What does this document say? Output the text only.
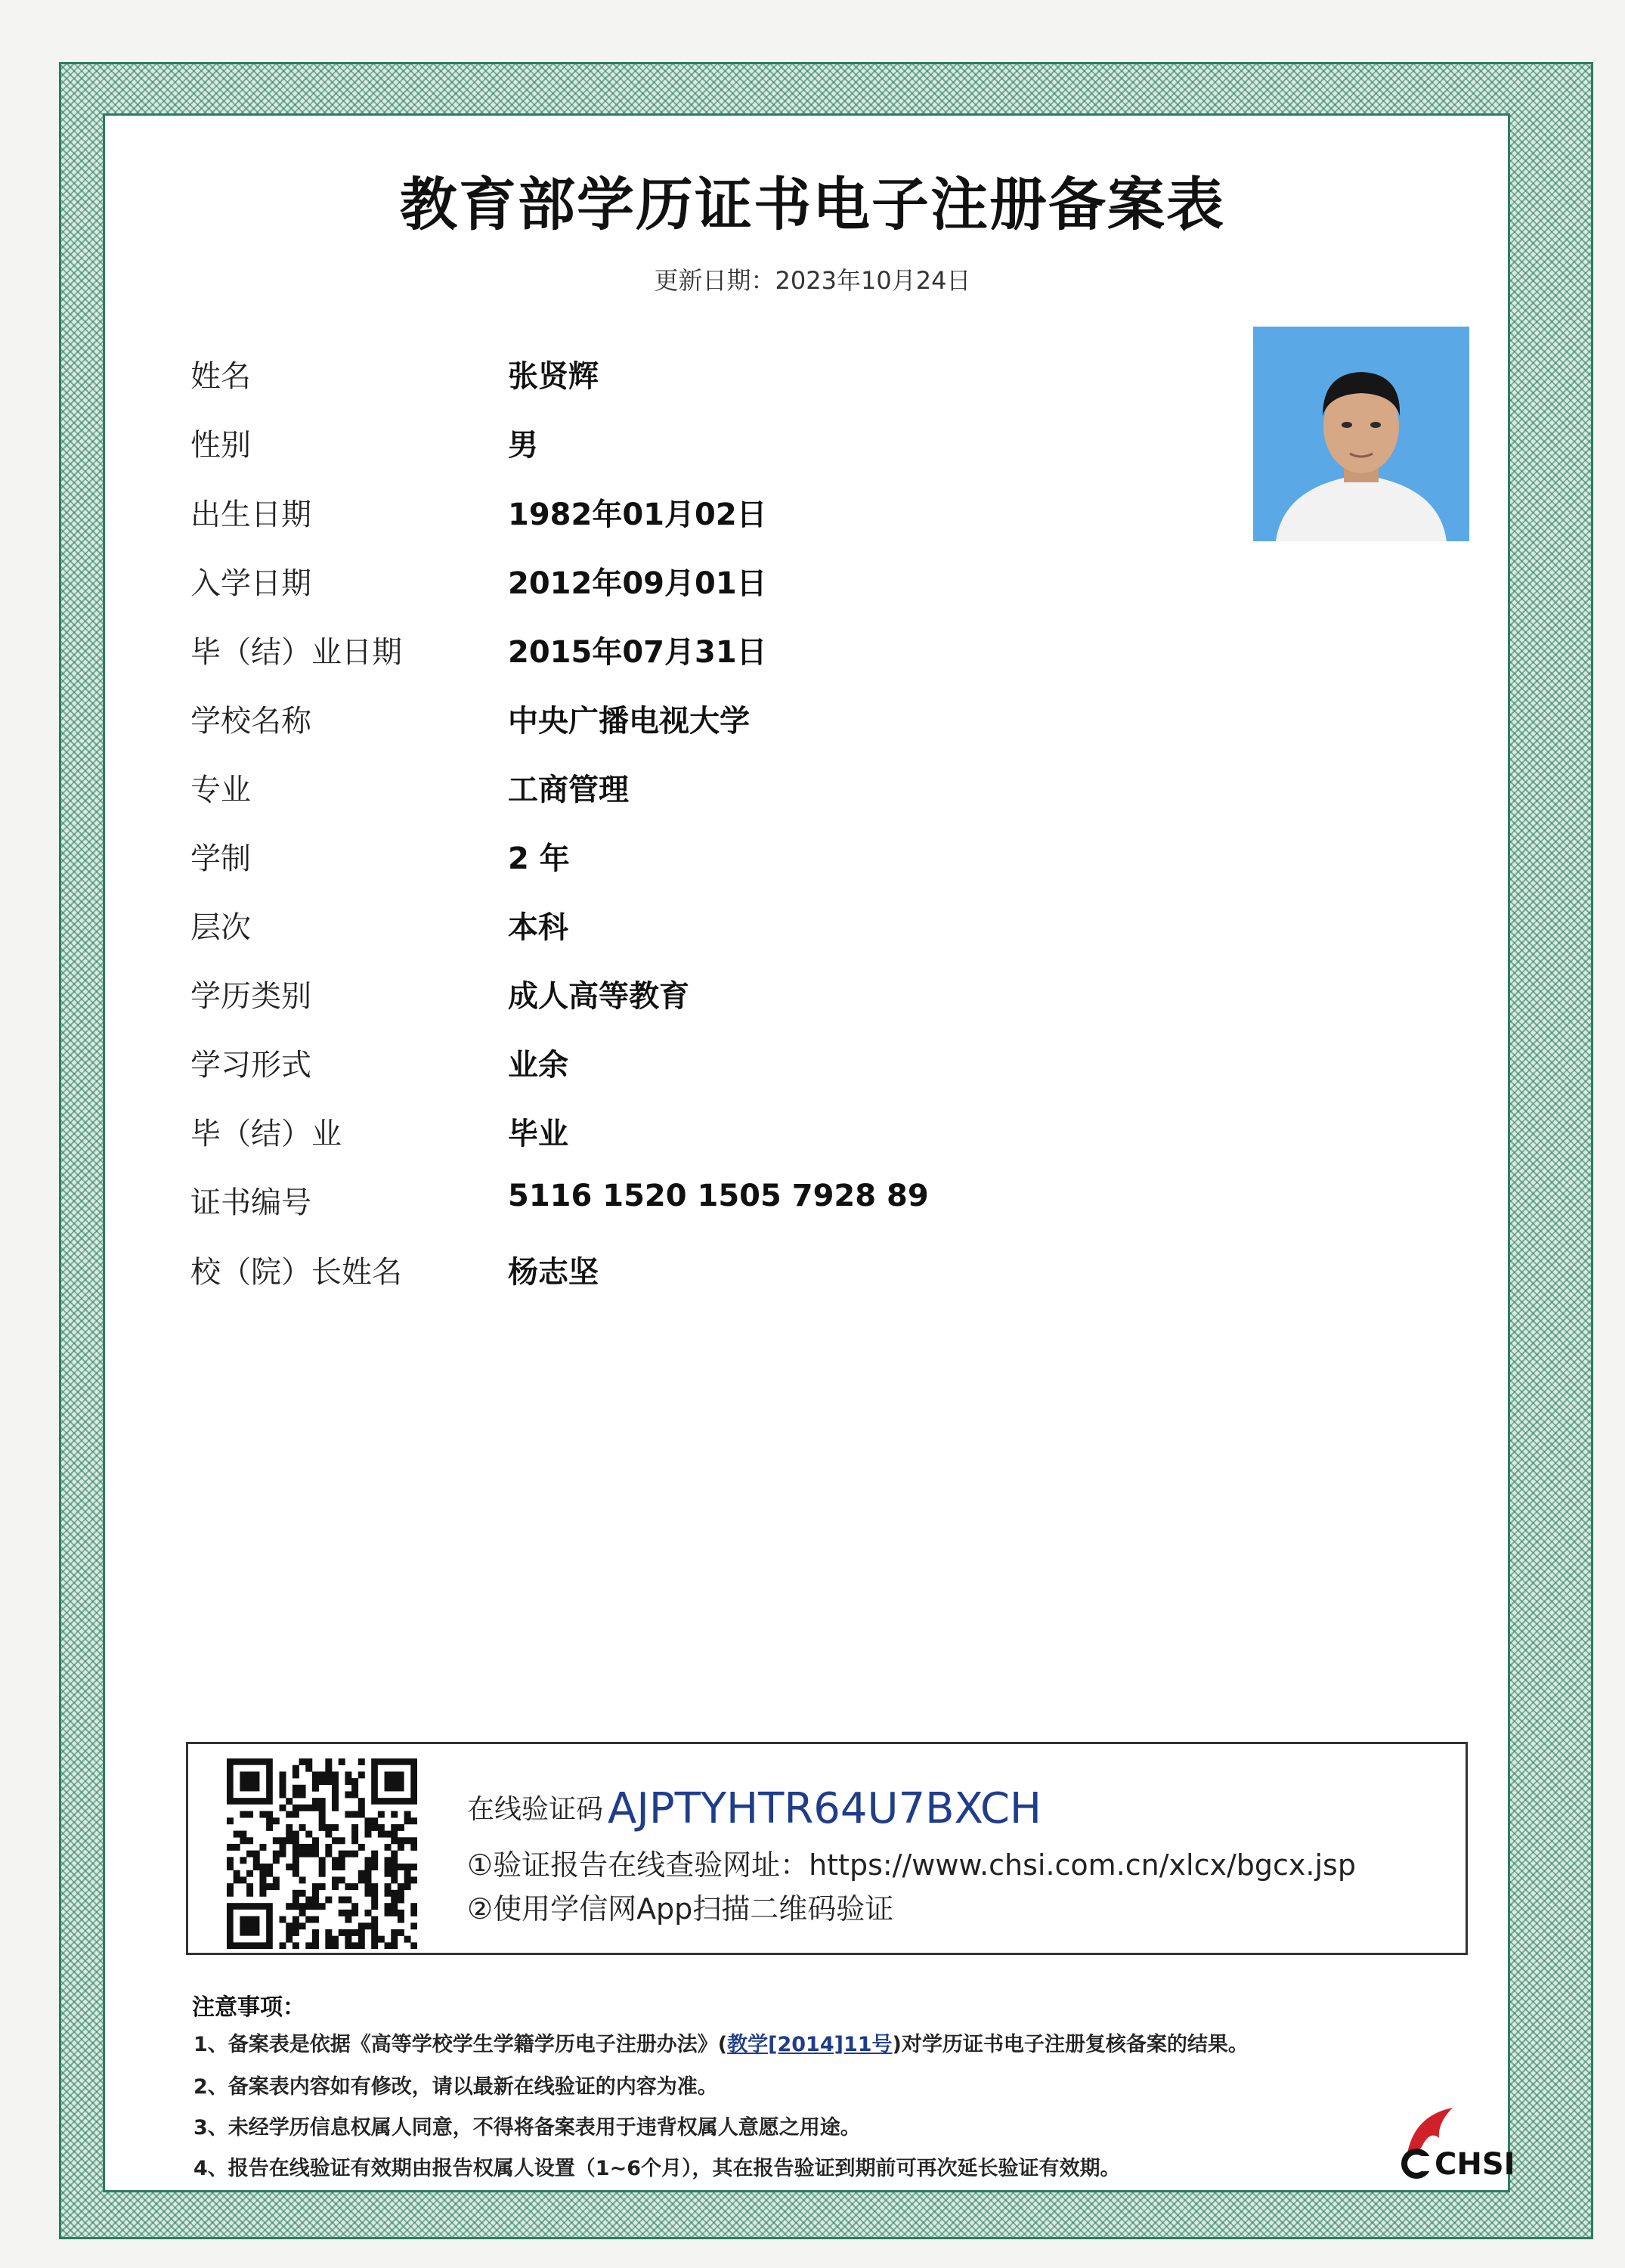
教育部学历证书电子注册备案表
更新日期：2023年10月24日
姓名	张贤辉
性别	男
出生日期	1982年01月02日
入学日期	2012年09月01日
毕（结）业日期	2015年07月31日
学校名称	中央广播电视大学
专业	工商管理
学制	2 年
层次	本科
学历类别	成人高等教育
学习形式	业余
毕（结）业	毕业
证书编号	5116 1520 1505 7928 89
校（院）长姓名	杨志坚
在线验证码 AJPTYHTR64U7BXCH
①验证报告在线查验网址：https://www.chsi.com.cn/xlcx/bgcx.jsp
②使用学信网App扫描二维码验证
注意事项：
1、备案表是依据《高等学校学生学籍学历电子注册办法》(教学[2014]11号)对学历证书电子注册复核备案的结果。
2、备案表内容如有修改，请以最新在线验证的内容为准。
3、未经学历信息权属人同意，不得将备案表用于违背权属人意愿之用途。
4、报告在线验证有效期由报告权属人设置（1~6个月），其在报告验证到期前可再次延长验证有效期。	CHSI
